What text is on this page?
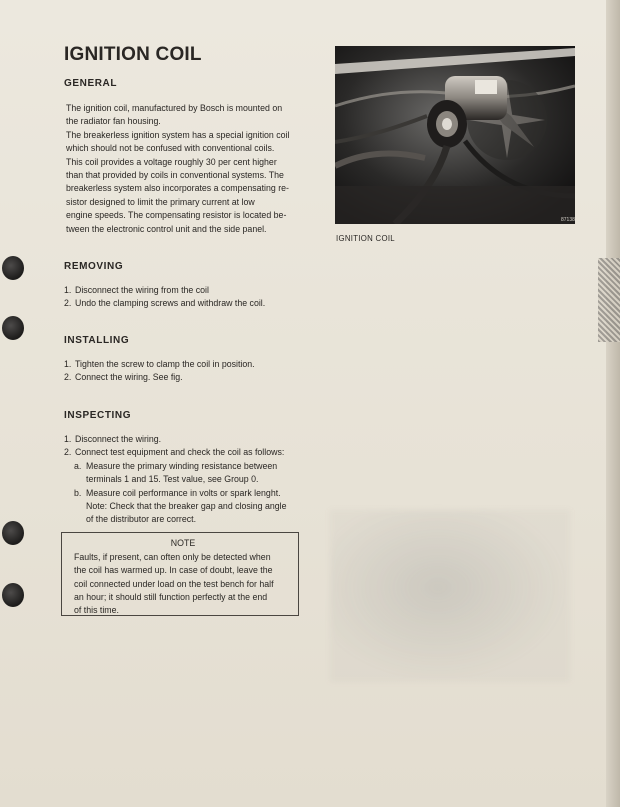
IGNITION COIL
GENERAL

The ignition coil, manufactured by Bosch is mounted on
the radiator fan housing.
The breakerless ignition system has a special ignition coil
which should not be confused with conventional coils.
This coil provides a voltage roughly 30 per cent higher
than that provided by coils in conventional systems. The
breakerless system also incorporates a compensating re-
sistor designed to limit the primary current at low
engine speeds. The compensating resistor is located be-
tween the electronic control unit and the side panel.

REMOVING
1. Disconnect the wiring from the coil
2. Undo the clamping screws and withdraw the coil.
INSTALLING
1. Tighten the screw to clamp the coil in position.
2. Connect the wiring. See fig.
INSPECTING
1. Disconnect the wiring.
2. Connect test equipment and check the coil as follows:
a. Measure the primary winding resistance between
terminals 1 and 15. Test value, see Group 0.
b. Measure coil performance in volts or spark lenght.
Note: Check that the breaker gap and closing angle
of the distributor are correct.
NOTE
Faults, if present, can often only be detected when
the coil has warmed up. In case of doubt, leave the
coil connected under load on the test bench for half
an hour; it should still function perfectly at the end
of this time.
87138
IGNITION COIL
